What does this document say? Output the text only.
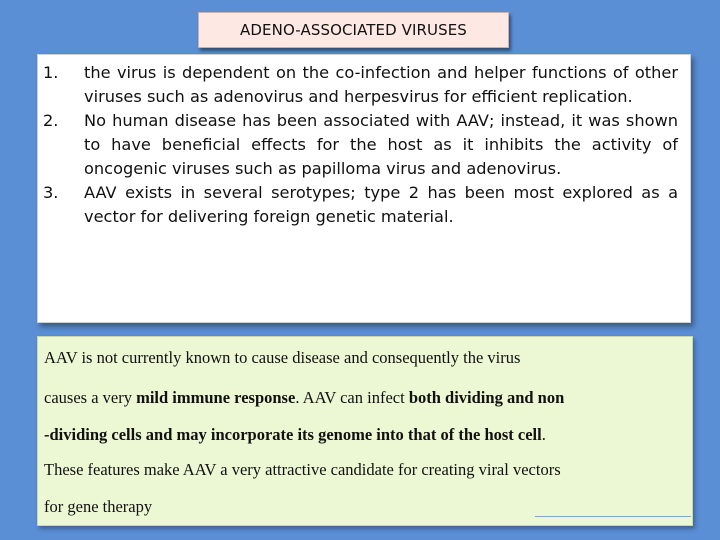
ADENO-ASSOCIATED VIRUSES
1. the virus is dependent on the co-infection and helper functions of other viruses such as adenovirus and herpesvirus for efficient replication.
2. No human disease has been associated with AAV; instead, it was shown to have beneficial effects for the host as it inhibits the activity of oncogenic viruses such as papilloma virus and adenovirus.
3. AAV exists in several serotypes; type 2 has been most explored as a vector for delivering foreign genetic material.
AAV is not currently known to cause disease and consequently the virus
causes a very mild immune response. AAV can infect both dividing and non
-dividing cells and may incorporate its genome into that of the host cell.
These features make AAV a very attractive candidate for creating viral vectors
for gene therapy
